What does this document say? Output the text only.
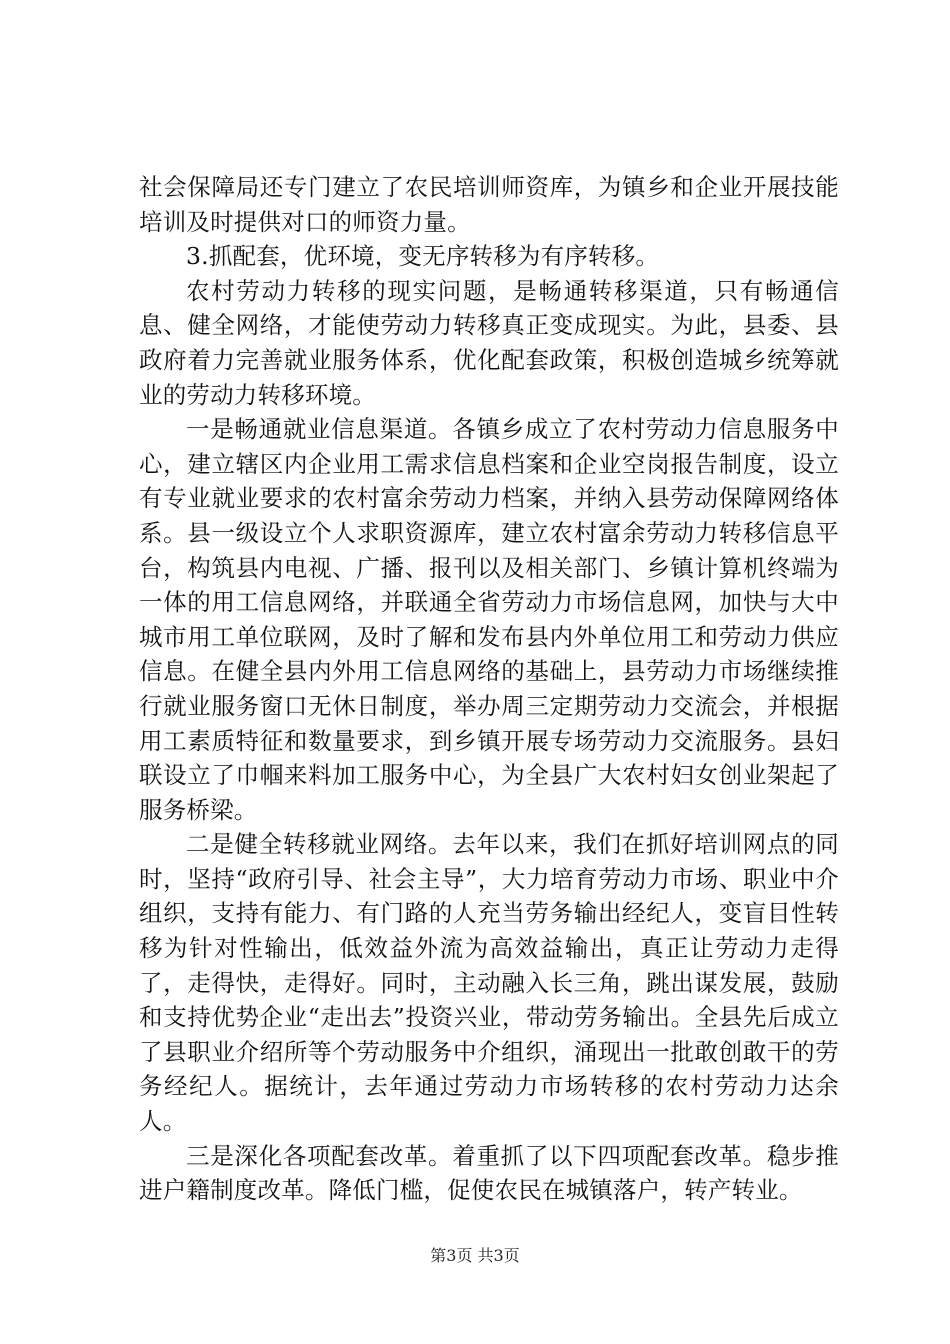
社会保障局还专门建立了农民培训师资库，为镇乡和企业开展技能培训及时提供对口的师资力量。

3.抓配套，优环境，变无序转移为有序转移。

农村劳动力转移的现实问题，是畅通转移渠道，只有畅通信息、健全网络，才能使劳动力转移真正变成现实。为此，县委、县政府着力完善就业服务体系，优化配套政策，积极创造城乡统筹就业的劳动力转移环境。

一是畅通就业信息渠道。各镇乡成立了农村劳动力信息服务中心，建立辖区内企业用工需求信息档案和企业空岗报告制度，设立有专业就业要求的农村富余劳动力档案，并纳入县劳动保障网络体系。县一级设立个人求职资源库，建立农村富余劳动力转移信息平台，构筑县内电视、广播、报刊以及相关部门、乡镇计算机终端为一体的用工信息网络，并联通全省劳动力市场信息网，加快与大中城市用工单位联网，及时了解和发布县内外单位用工和劳动力供应信息。在健全县内外用工信息网络的基础上，县劳动力市场继续推行就业服务窗口无休日制度，举办周三定期劳动力交流会，并根据用工素质特征和数量要求，到乡镇开展专场劳动力交流服务。县妇联设立了巾帼来料加工服务中心，为全县广大农村妇女创业架起了服务桥梁。

二是健全转移就业网络。去年以来，我们在抓好培训网点的同时，坚持“政府引导、社会主导”，大力培育劳动力市场、职业中介组织，支持有能力、有门路的人充当劳务输出经纪人，变盲目性转移为针对性输出，低效益外流为高效益输出，真正让劳动力走得了，走得快，走得好。同时，主动融入长三角，跳出谋发展，鼓励和支持优势企业“走出去”投资兴业，带动劳务输出。全县先后成立了县职业介绍所等个劳动服务中介组织，涌现出一批敢创敢干的劳务经纪人。据统计，去年通过劳动力市场转移的农村劳动力达余人。

三是深化各项配套改革。着重抓了以下四项配套改革。稳步推进户籍制度改革。降低门槛，促使农民在城镇落户，转产转业。

第3页 共3页
